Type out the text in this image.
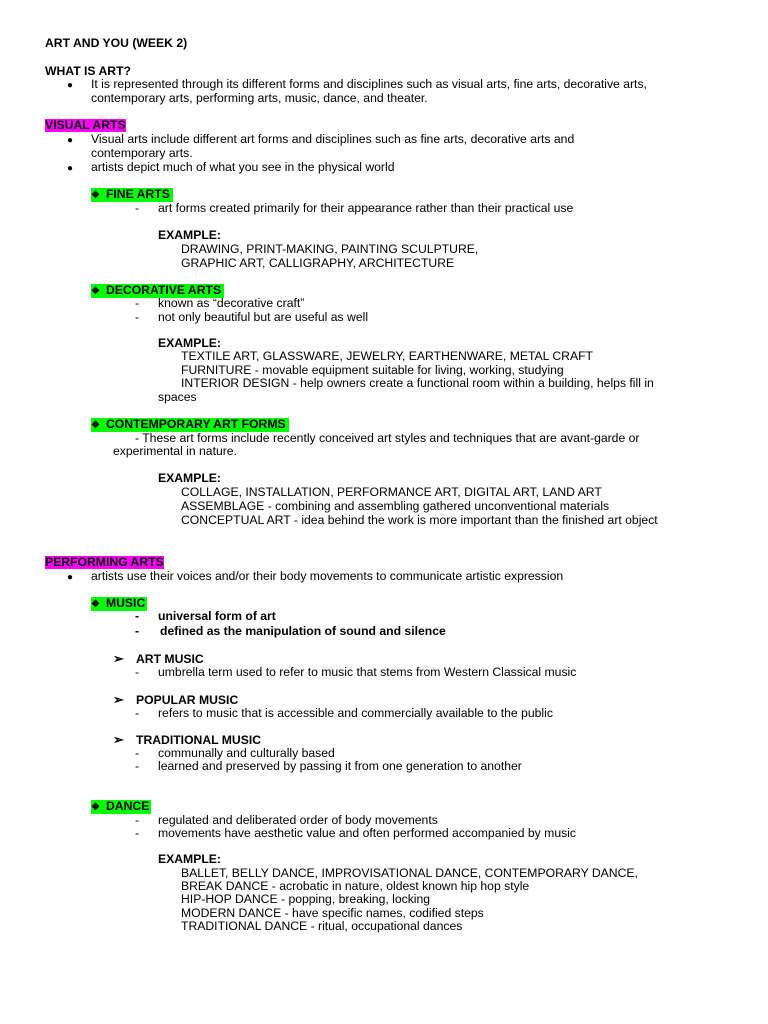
ART AND YOU (WEEK 2)
WHAT IS ART?
● It is represented through its different forms and disciplines such as visual arts, fine arts, decorative arts,
contemporary arts, performing arts, music, dance, and theater.
VISUAL ARTS
● Visual arts include different art forms and disciplines such as fine arts, decorative arts and
contemporary arts.
● artists depict much of what you see in the physical world
❖ FINE ARTS
- art forms created primarily for their appearance rather than their practical use
EXAMPLE:
DRAWING, PRINT-MAKING, PAINTING SCULPTURE,
GRAPHIC ART, CALLIGRAPHY, ARCHITECTURE
❖ DECORATIVE ARTS
- known as “decorative craft”
- not only beautiful but are useful as well
EXAMPLE:
TEXTILE ART, GLASSWARE, JEWELRY, EARTHENWARE, METAL CRAFT
FURNITURE - movable equipment suitable for living, working, studying
INTERIOR DESIGN - help owners create a functional room within a building, helps fill in
spaces
❖ CONTEMPORARY ART FORMS
- These art forms include recently conceived art styles and techniques that are avant-garde or
experimental in nature.
EXAMPLE:
COLLAGE, INSTALLATION, PERFORMANCE ART, DIGITAL ART, LAND ART
ASSEMBLAGE - combining and assembling gathered unconventional materials
CONCEPTUAL ART - idea behind the work is more important than the finished art object
PERFORMING ARTS
● artists use their voices and/or their body movements to communicate artistic expression
❖ MUSIC
- universal form of art
- defined as the manipulation of sound and silence
➢ ART MUSIC
- umbrella term used to refer to music that stems from Western Classical music
➢ POPULAR MUSIC
- refers to music that is accessible and commercially available to the public
➢ TRADITIONAL MUSIC
- communally and culturally based
- learned and preserved by passing it from one generation to another
❖ DANCE
- regulated and deliberated order of body movements
- movements have aesthetic value and often performed accompanied by music
EXAMPLE:
BALLET, BELLY DANCE, IMPROVISATIONAL DANCE, CONTEMPORARY DANCE,
BREAK DANCE - acrobatic in nature, oldest known hip hop style
HIP-HOP DANCE - popping, breaking, locking
MODERN DANCE - have specific names, codified steps
TRADITIONAL DANCE - ritual, occupational dances
